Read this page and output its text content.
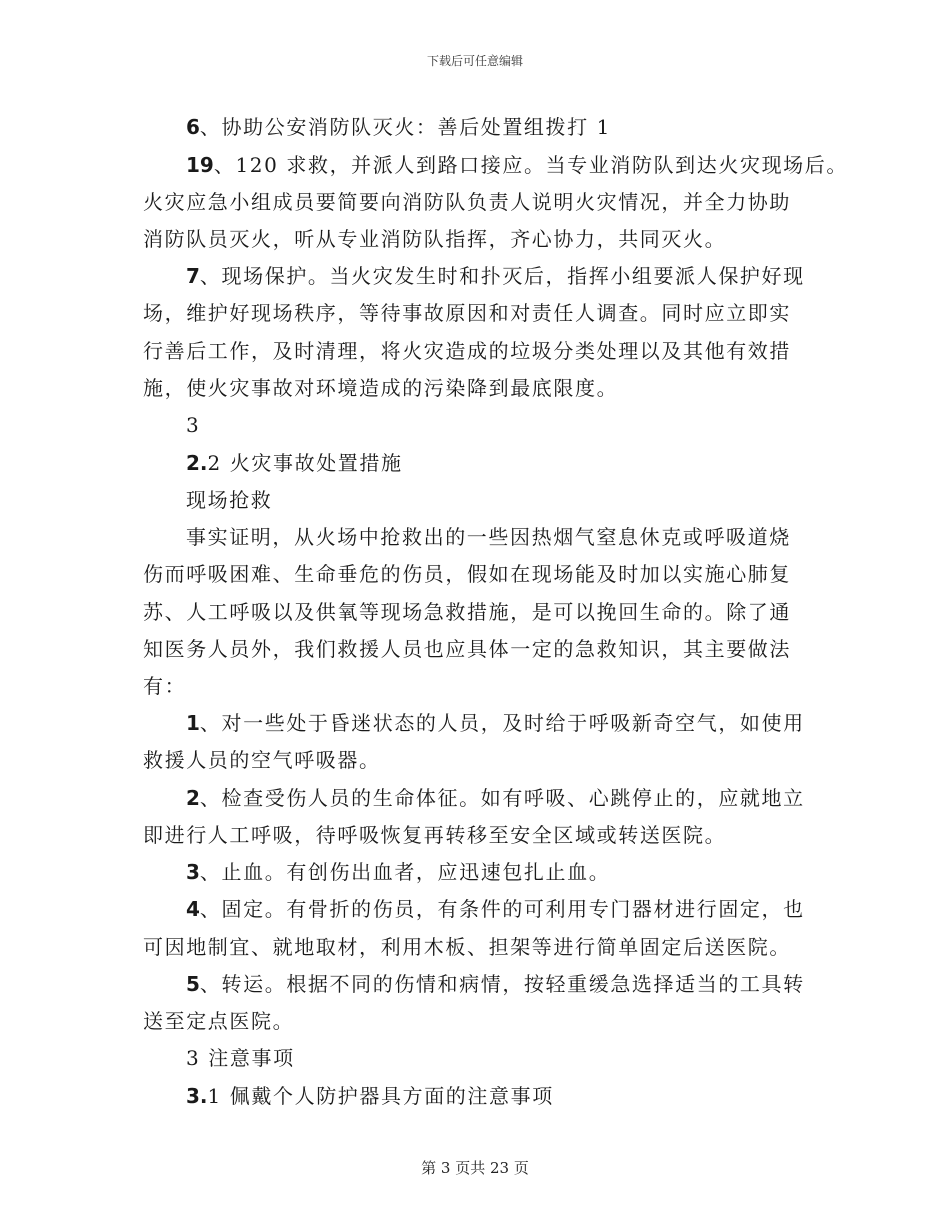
下载后可任意编辑
6、协助公安消防队灭火：善后处置组拨打 1
19、120 求救，并派人到路口接应。当专业消防队到达火灾现场后。
火灾应急小组成员要简要向消防队负责人说明火灾情况，并全力协助
消防队员灭火，听从专业消防队指挥，齐心协力，共同灭火。
7、现场保护。当火灾发生时和扑灭后，指挥小组要派人保护好现
场，维护好现场秩序，等待事故原因和对责任人调查。同时应立即实
行善后工作，及时清理，将火灾造成的垃圾分类处理以及其他有效措
施，使火灾事故对环境造成的污染降到最底限度。
3
2.2 火灾事故处置措施
现场抢救
事实证明，从火场中抢救出的一些因热烟气窒息休克或呼吸道烧
伤而呼吸困难、生命垂危的伤员，假如在现场能及时加以实施心肺复
苏、人工呼吸以及供氧等现场急救措施，是可以挽回生命的。除了通
知医务人员外，我们救援人员也应具体一定的急救知识，其主要做法
有：
1、对一些处于昏迷状态的人员，及时给于呼吸新奇空气，如使用
救援人员的空气呼吸器。
2、检查受伤人员的生命体征。如有呼吸、心跳停止的，应就地立
即进行人工呼吸，待呼吸恢复再转移至安全区域或转送医院。
3、止血。有创伤出血者，应迅速包扎止血。
4、固定。有骨折的伤员，有条件的可利用专门器材进行固定，也
可因地制宜、就地取材，利用木板、担架等进行简单固定后送医院。
5、转运。根据不同的伤情和病情，按轻重缓急选择适当的工具转
送至定点医院。
3 注意事项
3.1 佩戴个人防护器具方面的注意事项
第 3 页共 23 页
